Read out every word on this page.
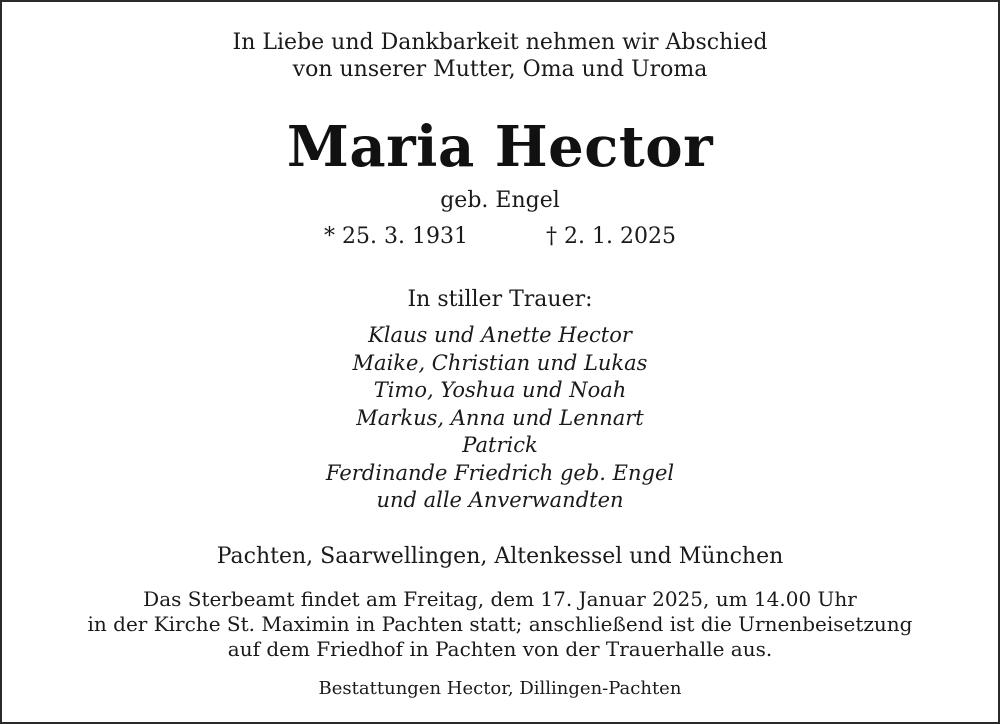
In Liebe und Dankbarkeit nehmen wir Abschied
von unserer Mutter, Oma und Uroma
Maria Hector
geb. Engel
* 25. 3. 1931	† 2. 1. 2025
In stiller Trauer:
Klaus und Anette Hector
Maike, Christian und Lukas
Timo, Yoshua und Noah
Markus, Anna und Lennart
Patrick
Ferdinande Friedrich geb. Engel
und alle Anverwandten
Pachten, Saarwellingen, Altenkessel und München
Das Sterbeamt findet am Freitag, dem 17. Januar 2025, um 14.00 Uhr
in der Kirche St. Maximin in Pachten statt; anschließend ist die Urnenbeisetzung
auf dem Friedhof in Pachten von der Trauerhalle aus.
Bestattungen Hector, Dillingen-Pachten
